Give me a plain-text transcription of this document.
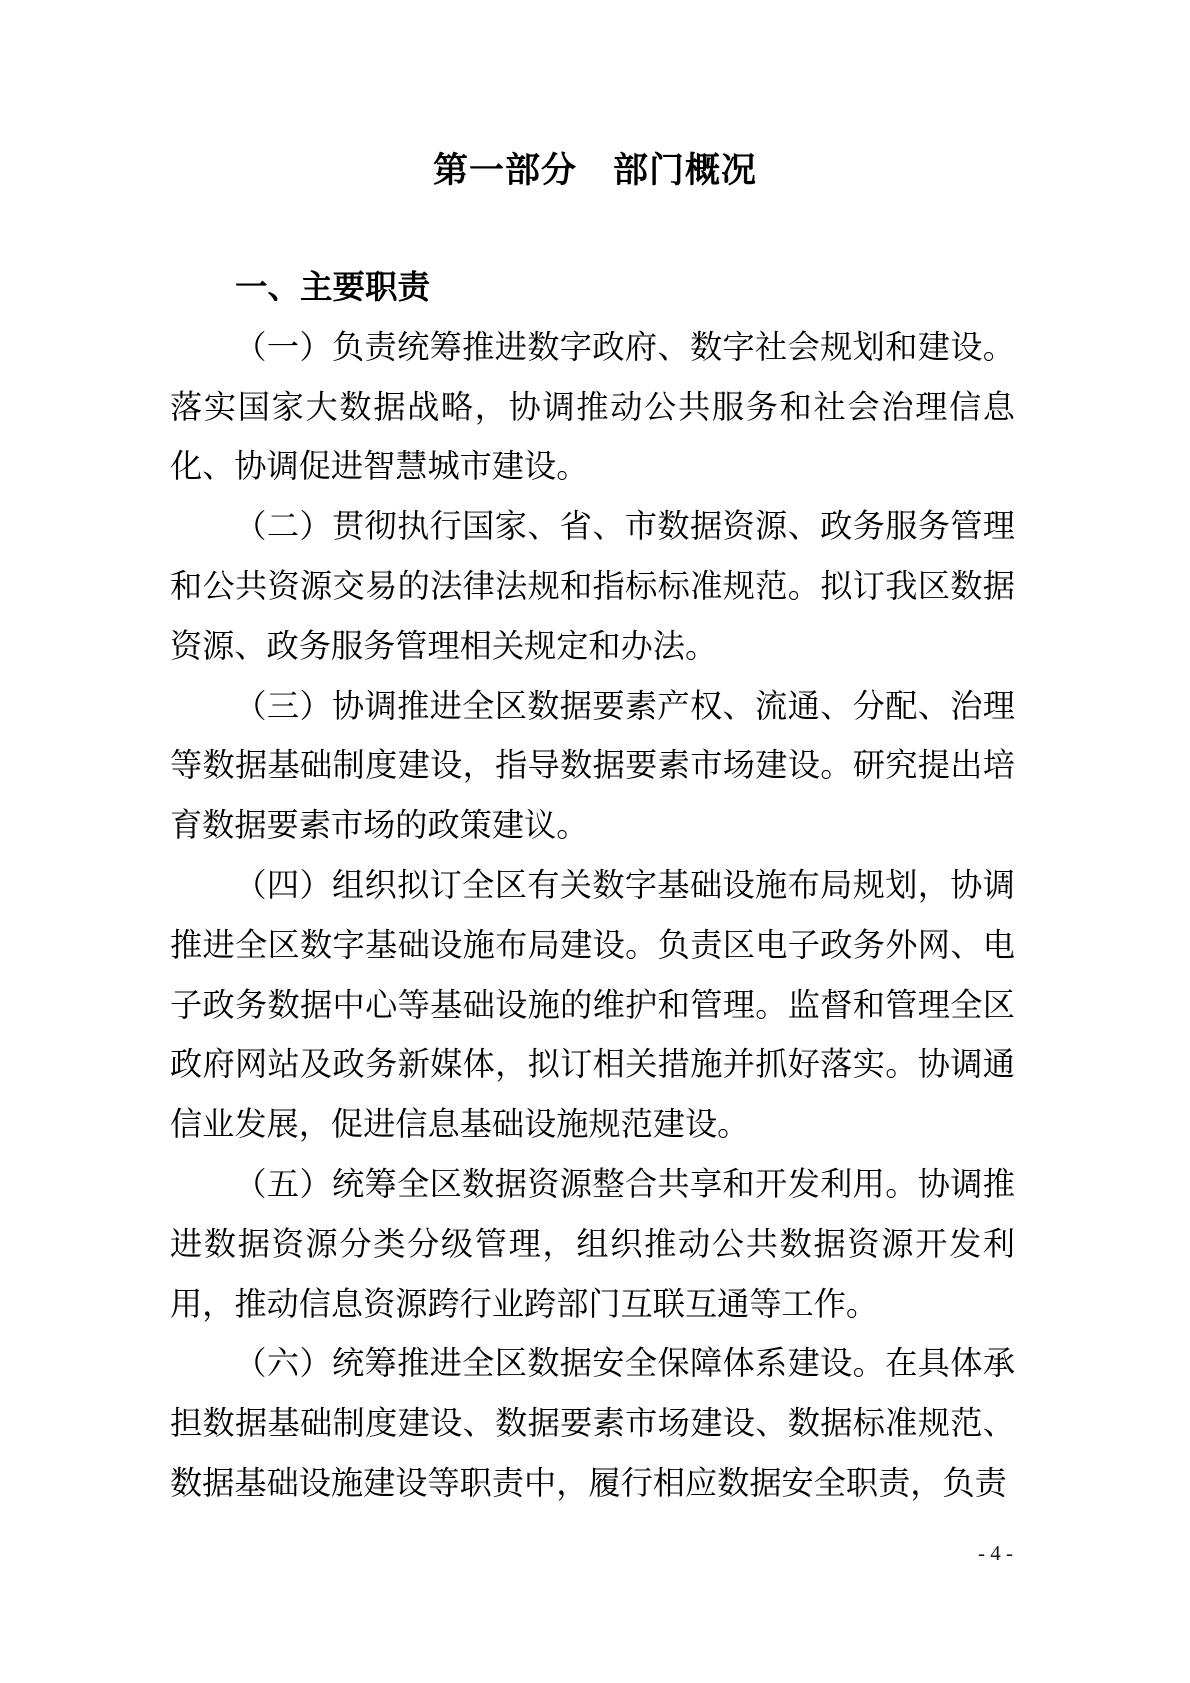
第一部分　部门概况
一、主要职责

（一）负责统筹推进数字政府、数字社会规划和建设。落实国家大数据战略，协调推动公共服务和社会治理信息化、协调促进智慧城市建设。

（二）贯彻执行国家、省、市数据资源、政务服务管理和公共资源交易的法律法规和指标标准规范。拟订我区数据资源、政务服务管理相关规定和办法。

（三）协调推进全区数据要素产权、流通、分配、治理等数据基础制度建设，指导数据要素市场建设。研究提出培育数据要素市场的政策建议。

（四）组织拟订全区有关数字基础设施布局规划，协调推进全区数字基础设施布局建设。负责区电子政务外网、电子政务数据中心等基础设施的维护和管理。监督和管理全区政府网站及政务新媒体，拟订相关措施并抓好落实。协调通信业发展，促进信息基础设施规范建设。

（五）统筹全区数据资源整合共享和开发利用。协调推进数据资源分类分级管理，组织推动公共数据资源开发利用，推动信息资源跨行业跨部门互联互通等工作。

（六）统筹推进全区数据安全保障体系建设。在具体承担数据基础制度建设、数据要素市场建设、数据标准规范、数据基础设施建设等职责中，履行相应数据安全职责，负责

- 4 -
